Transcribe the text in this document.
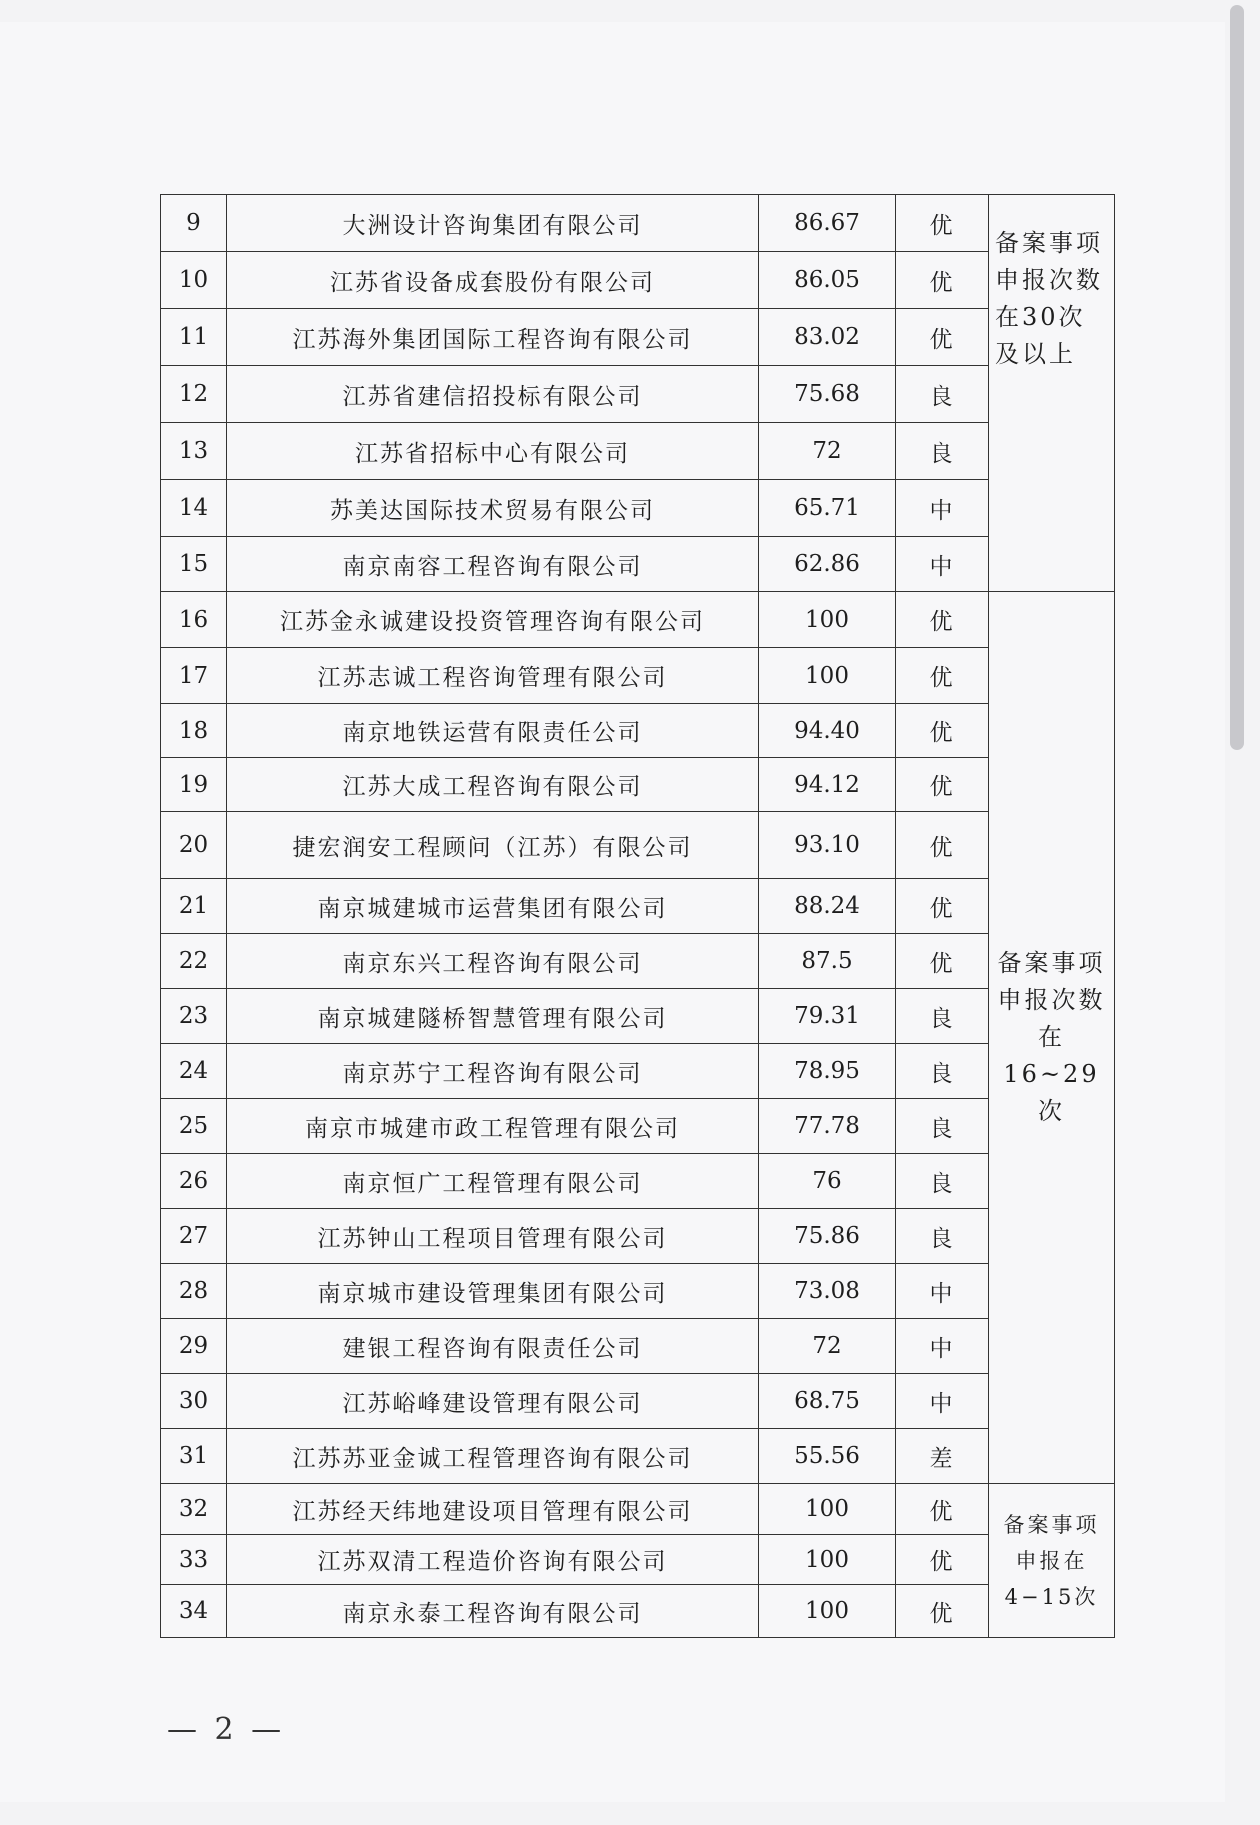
9	大洲设计咨询集团有限公司	86.67	优	备案事项申报次数在30次及以上
10	江苏省设备成套股份有限公司	86.05	优	
11	江苏海外集团国际工程咨询有限公司	83.02	优	
12	江苏省建信招投标有限公司	75.68	良	
13	江苏省招标中心有限公司	72	良	
14	苏美达国际技术贸易有限公司	65.71	中	
15	南京南容工程咨询有限公司	62.86	中	
16	江苏金永诚建设投资管理咨询有限公司	100	优	备案事项申报次数在16~29次
17	江苏志诚工程咨询管理有限公司	100	优	
18	南京地铁运营有限责任公司	94.40	优	
19	江苏大成工程咨询有限公司	94.12	优	
20	捷宏润安工程顾问（江苏）有限公司	93.10	优	
21	南京城建城市运营集团有限公司	88.24	优	
22	南京东兴工程咨询有限公司	87.5	优	
23	南京城建隧桥智慧管理有限公司	79.31	良	
24	南京苏宁工程咨询有限公司	78.95	良	
25	南京市城建市政工程管理有限公司	77.78	良	
26	南京恒广工程管理有限公司	76	良	
27	江苏钟山工程项目管理有限公司	75.86	良	
28	南京城市建设管理集团有限公司	73.08	中	
29	建银工程咨询有限责任公司	72	中	
30	江苏峪峰建设管理有限公司	68.75	中	
31	江苏苏亚金诚工程管理咨询有限公司	55.56	差	
32	江苏经天纬地建设项目管理有限公司	100	优	备案事项申报在4−15次
33	江苏双清工程造价咨询有限公司	100	优	
34	南京永泰工程咨询有限公司	100	优	
— 2 —
